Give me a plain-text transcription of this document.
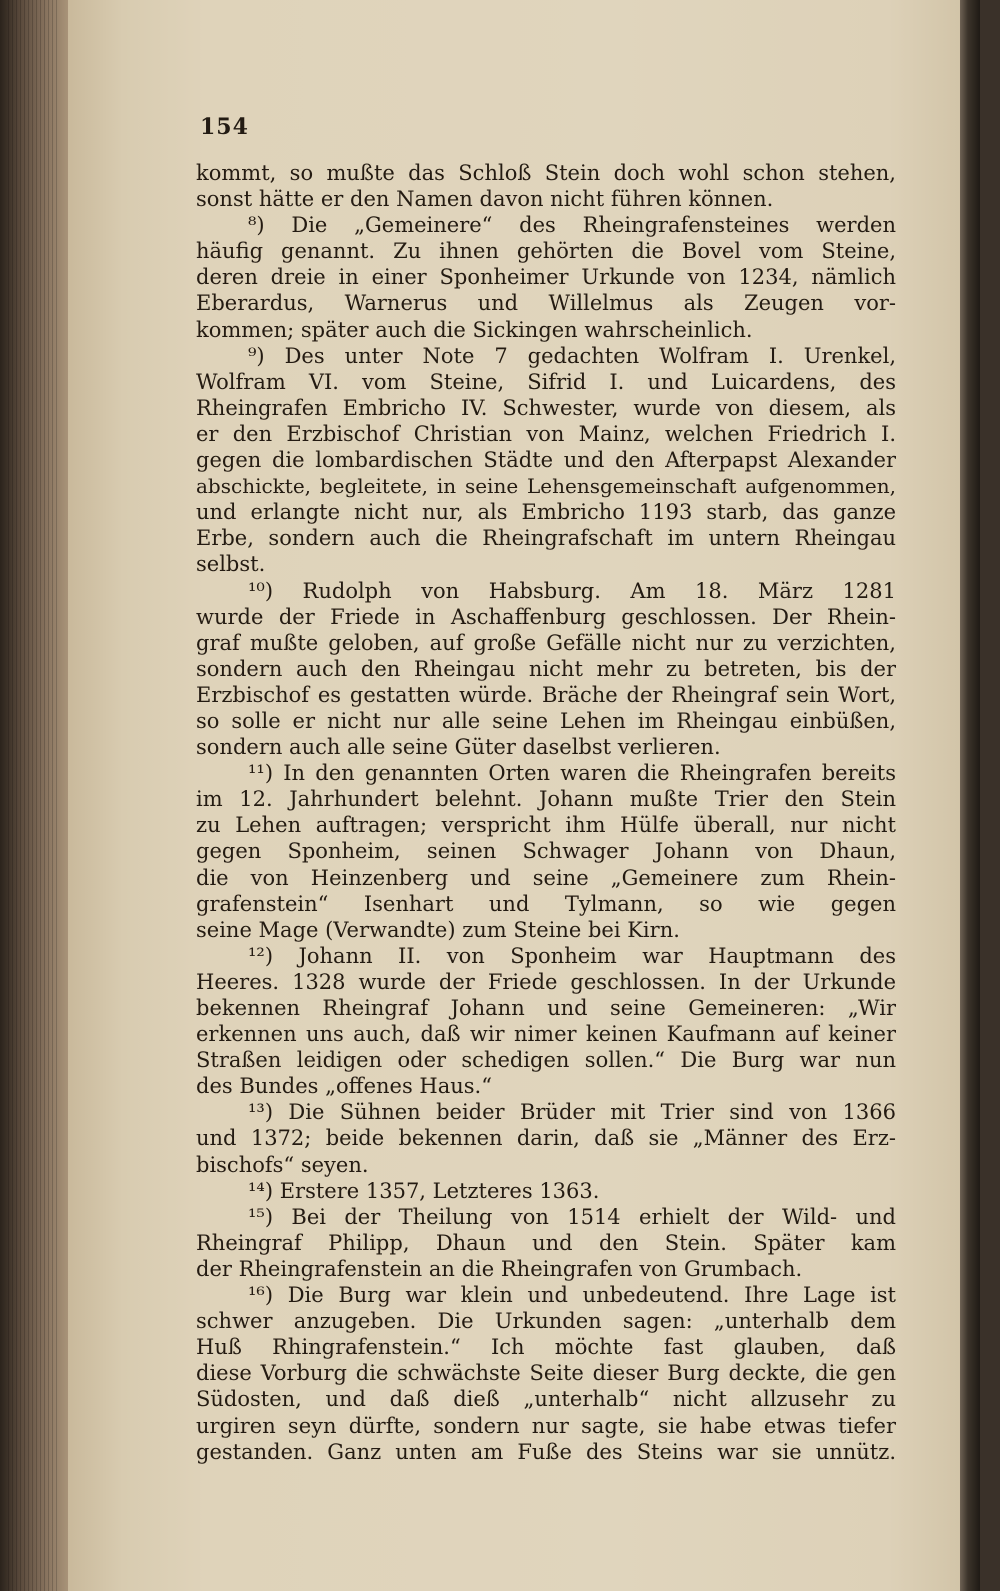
154
kommt, so mußte das Schloß Stein doch wohl schon stehen,
sonst hätte er den Namen davon nicht führen können.
⁸) Die „Gemeinere“ des Rheingrafensteines werden
häufig genannt. Zu ihnen gehörten die Bovel vom Steine,
deren dreie in einer Sponheimer Urkunde von 1234, nämlich
Eberardus, Warnerus und Willelmus als Zeugen vor-
kommen; später auch die Sickingen wahrscheinlich.
⁹) Des unter Note 7 gedachten Wolfram I. Urenkel,
Wolfram VI. vom Steine, Sifrid I. und Luicardens, des
Rheingrafen Embricho IV. Schwester, wurde von diesem, als
er den Erzbischof Christian von Mainz, welchen Friedrich I.
gegen die lombardischen Städte und den Afterpapst Alexander
abschickte, begleitete, in seine Lehensgemeinschaft aufgenommen,
und erlangte nicht nur, als Embricho 1193 starb, das ganze
Erbe, sondern auch die Rheingrafschaft im untern Rheingau
selbst.
¹⁰) Rudolph von Habsburg. Am 18. März 1281
wurde der Friede in Aschaffenburg geschlossen. Der Rhein-
graf mußte geloben, auf große Gefälle nicht nur zu verzichten,
sondern auch den Rheingau nicht mehr zu betreten, bis der
Erzbischof es gestatten würde. Bräche der Rheingraf sein Wort,
so solle er nicht nur alle seine Lehen im Rheingau einbüßen,
sondern auch alle seine Güter daselbst verlieren.
¹¹) In den genannten Orten waren die Rheingrafen bereits
im 12. Jahrhundert belehnt. Johann mußte Trier den Stein
zu Lehen auftragen; verspricht ihm Hülfe überall, nur nicht
gegen Sponheim, seinen Schwager Johann von Dhaun,
die von Heinzenberg und seine „Gemeinere zum Rhein-
grafenstein“ Isenhart und Tylmann, so wie gegen
seine Mage (Verwandte) zum Steine bei Kirn.
¹²) Johann II. von Sponheim war Hauptmann des
Heeres. 1328 wurde der Friede geschlossen. In der Urkunde
bekennen Rheingraf Johann und seine Gemeineren: „Wir
erkennen uns auch, daß wir nimer keinen Kaufmann auf keiner
Straßen leidigen oder schedigen sollen.“ Die Burg war nun
des Bundes „offenes Haus.“
¹³) Die Sühnen beider Brüder mit Trier sind von 1366
und 1372; beide bekennen darin, daß sie „Männer des Erz-
bischofs“ seyen.
¹⁴) Erstere 1357, Letzteres 1363.
¹⁵) Bei der Theilung von 1514 erhielt der Wild- und
Rheingraf Philipp, Dhaun und den Stein. Später kam
der Rheingrafenstein an die Rheingrafen von Grumbach.
¹⁶) Die Burg war klein und unbedeutend. Ihre Lage ist
schwer anzugeben. Die Urkunden sagen: „unterhalb dem
Huß Rhingrafenstein.“ Ich möchte fast glauben, daß
diese Vorburg die schwächste Seite dieser Burg deckte, die gen
Südosten, und daß dieß „unterhalb“ nicht allzusehr zu
urgiren seyn dürfte, sondern nur sagte, sie habe etwas tiefer
gestanden. Ganz unten am Fuße des Steins war sie unnütz.
